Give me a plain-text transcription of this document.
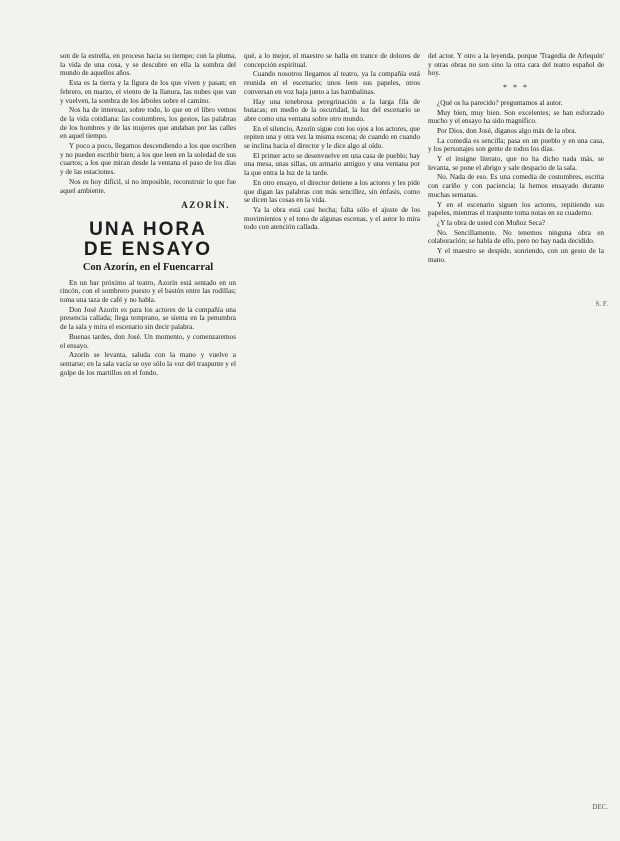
son de la estrella, en proceso hacia su tiempo; con la pluma, la vida de una cosa, y se descubre en ella la sombra del mundo de aquellos años.

Esta es la tierra y la figura de los que viven y pasan; en febrero, en marzo, el viento de la llanura, las nubes que van y vuelven, la sombra de los árboles sobre el camino.

Nos ha de interesar, sobre todo, lo que en el libro vemos de la vida cotidiana: las costumbres, los gestos, las palabras de los hombres y de las mujeres que andaban por las calles en aquel tiempo.

Y poco a poco, llegamos descendiendo a los que escriben y no pueden escribir bien; a los que leen en la soledad de sus cuartos; a los que miran desde la ventana el paso de los días y de las estaciones.

Nos es hoy difícil, si no imposible, reconstruir lo que fue aquel ambiente.

AZORÍN.
UNA HORA
DE ENSAYO
Con Azorín, en el Fuencarral

En un bar próximo al teatro, Azorín está sentado en un rincón, con el sombrero puesto y el bastón entre las rodillas; toma una taza de café y no habla.

Don José Azorín es para los actores de la compañía una presencia callada; llega temprano, se sienta en la penumbra de la sala y mira el escenario sin decir palabra.

Buenas tardes, don José. Un momento, y comenzaremos el ensayo.

Azorín se levanta, saluda con la mano y vuelve a sentarse; en la sala vacía se oye sólo la voz del traspunte y el golpe de los martillos en el fondo.

qué, a lo mejor, el maestro se halla en trance de dolores de concepción espiritual.

Cuando nosotros llegamos al teatro, ya la compañía está reunida en el escenario; unos leen sus papeles, otros conversan en voz baja junto a las bambalinas.

Hay una tenebrosa peregrinación a la larga fila de butacas; en medio de la oscuridad, la luz del escenario se abre como una ventana sobre otro mundo.

En el silencio, Azorín sigue con los ojos a los actores, que repiten una y otra vez la misma escena; de cuando en cuando se inclina hacia el director y le dice algo al oído.

El primer acto se desenvuelve en una casa de pueblo; hay una mesa, unas sillas, un armario antiguo y una ventana por la que entra la luz de la tarde.

En otro ensayo, el director detiene a los actores y les pide que digan las palabras con más sencillez, sin énfasis, como se dicen las cosas en la vida.

Ya la obra está casi hecha; falta sólo el ajuste de los movimientos y el tono de algunas escenas, y el autor lo mira todo con atención callada.

del actor. Y otro a la leyenda, porque 'Tragedia de Arlequín' y otras obras no son sino la otra cara del teatro español de hoy.

* * *

¿Qué os ha parecido? preguntamos al autor.

Muy bien, muy bien. Son excelentes; se han esforzado mucho y el ensayo ha sido magnífico.

Por Dios, don José, díganos algo más de la obra.

La comedia es sencilla; pasa en un pueblo y en una casa, y los personajes son gente de todos los días.

Y el insigne literato, que no ha dicho nada más, se levanta, se pone el abrigo y sale despacio de la sala.

No. Nada de eso. Es una comedia de costumbres, escrita con cariño y con paciencia; la hemos ensayado durante muchas semanas.

Y en el escenario siguen los actores, repitiendo sus papeles, mientras el traspunte toma notas en su cuaderno.

¿Y la obra de usted con Muñoz Seca?

No. Sencillamente. No tenemos ninguna obra en colaboración; se habla de ello, pero no hay nada decidido.

Y el maestro se despide, sonriendo, con un gesto de la mano.

S. F.
DEC.
